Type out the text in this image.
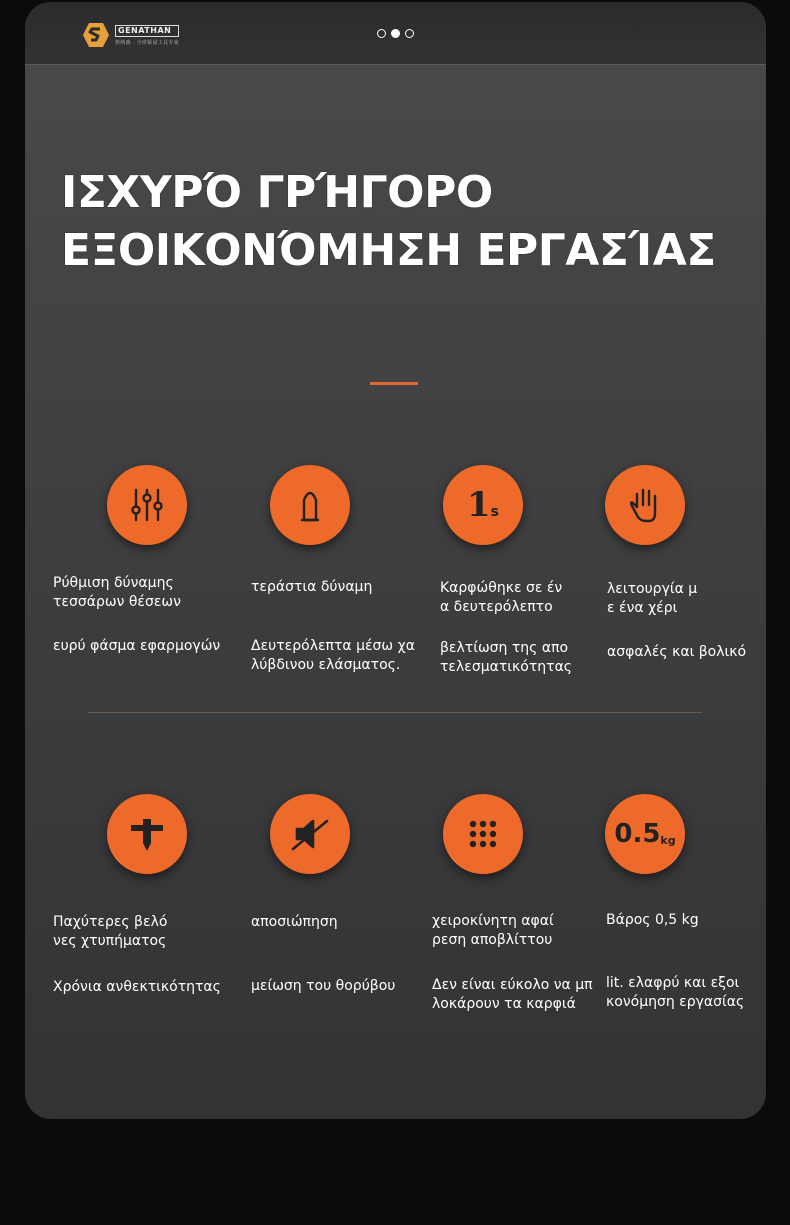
GENATHAN
格纳森 · 全球紧固工具专家
ΙΣΧΥΡΌ ΓΡΉΓΟΡΟ
ΕΞΟΙΚΟΝΌΜΗΣΗ ΕΡΓΑΣΊΑΣ
1 s
Ρύθμιση δύναμης
τεσσάρων θέσεων
ευρύ φάσμα εφαρμογών
τεράστια δύναμη
Δευτερόλεπτα μέσω χα
λύβδινου ελάσματος.
Καρφώθηκε σε έν
α δευτερόλεπτο
βελτίωση της απο
τελεσματικότητας
λειτουργία μ
ε ένα χέρι
ασφαλές και βολικό
0.5 kg
Παχύτερες βελό
νες χτυπήματος
Χρόνια ανθεκτικότητας
αποσιώπηση
μείωση του θορύβου
χειροκίνητη αφαί
ρεση αποβλίττου
Δεν είναι εύκολο να μπ
λοκάρουν τα καρφιά
Βάρος 0,5 kg
lit. ελαφρύ και εξοι
κονόμηση εργασίας
